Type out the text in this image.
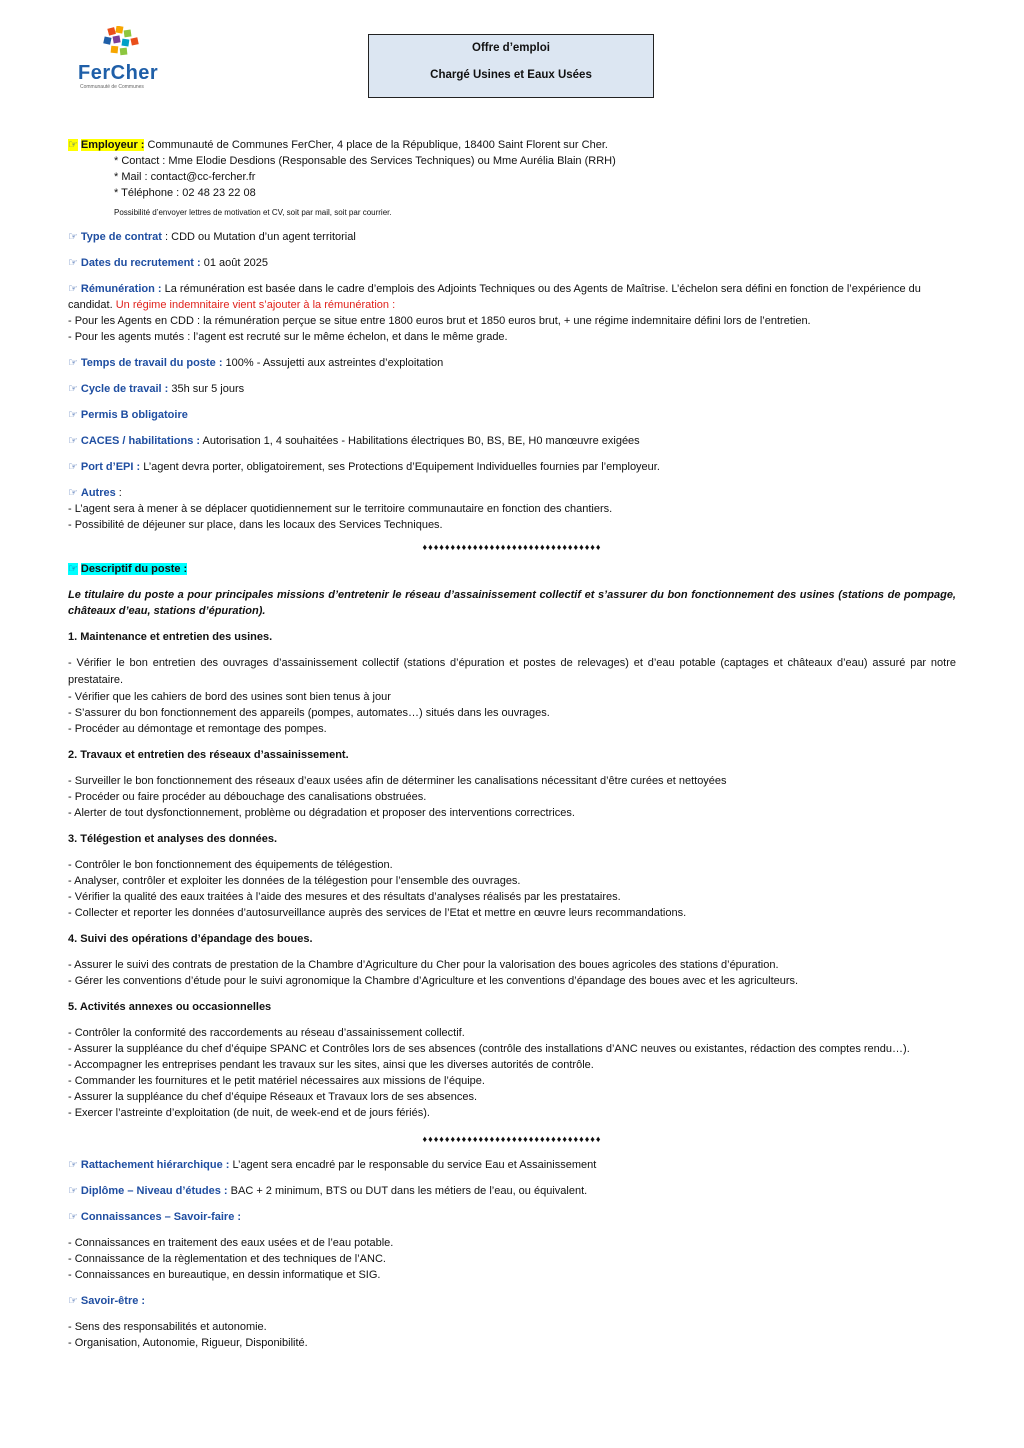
FerCher
Communauté de Communes
Offre d’emploi
Chargé Usines et Eaux Usées
☞ Employeur : Communauté de Communes FerCher, 4 place de la République, 18400 Saint Florent sur Cher.
* Contact : Mme Elodie Desdions (Responsable des Services Techniques) ou Mme Aurélia Blain (RRH)
* Mail : contact@cc-fercher.fr
* Téléphone : 02 48 23 22 08
Possibilité d’envoyer lettres de motivation et CV, soit par mail, soit par courrier.
☞ Type de contrat : CDD ou Mutation d’un agent territorial
☞ Dates du recrutement : 01 août 2025
☞ Rémunération : La rémunération est basée dans le cadre d’emplois des Adjoints Techniques ou des Agents de Maîtrise. L’échelon sera défini en fonction de l’expérience du
candidat. Un régime indemnitaire vient s’ajouter à la rémunération :
- Pour les Agents en CDD : la rémunération perçue se situe entre 1800 euros brut et 1850 euros brut, + une régime indemnitaire défini lors de l’entretien.
- Pour les agents mutés : l’agent est recruté sur le même échelon, et dans le même grade.
☞ Temps de travail du poste : 100% - Assujetti aux astreintes d’exploitation
☞ Cycle de travail : 35h sur 5 jours
☞ Permis B obligatoire
☞ CACES / habilitations : Autorisation 1, 4 souhaitées - Habilitations électriques B0, BS, BE, H0 manœuvre exigées
☞ Port d’EPI : L’agent devra porter, obligatoirement, ses Protections d’Equipement Individuelles fournies par l’employeur.
☞ Autres :
- L’agent sera à mener à se déplacer quotidiennement sur le territoire communautaire en fonction des chantiers.
- Possibilité de déjeuner sur place, dans les locaux des Services Techniques.
♦♦♦♦♦♦♦♦♦♦♦♦♦♦♦♦♦♦♦♦♦♦♦♦♦♦♦♦♦♦♦♦
☞ Descriptif du poste :
Le titulaire du poste a pour principales missions d’entretenir le réseau d’assainissement collectif et s’assurer du bon fonctionnement des usines (stations de pompage, châteaux d’eau, stations d’épuration).
1. Maintenance et entretien des usines.
- Vérifier le bon entretien des ouvrages d’assainissement collectif (stations d’épuration et postes de relevages) et d’eau potable (captages et châteaux d’eau) assuré par notre prestataire.
- Vérifier que les cahiers de bord des usines sont bien tenus à jour
- S’assurer du bon fonctionnement des appareils (pompes, automates…) situés dans les ouvrages.
- Procéder au démontage et remontage des pompes.
2. Travaux et entretien des réseaux d’assainissement.
- Surveiller le bon fonctionnement des réseaux d’eaux usées afin de déterminer les canalisations nécessitant d’être curées et nettoyées
- Procéder ou faire procéder au débouchage des canalisations obstruées.
- Alerter de tout dysfonctionnement, problème ou dégradation et proposer des interventions correctrices.
3. Télégestion et analyses des données.
- Contrôler le bon fonctionnement des équipements de télégestion.
- Analyser, contrôler et exploiter les données de la télégestion pour l’ensemble des ouvrages.
- Vérifier la qualité des eaux traitées à l’aide des mesures et des résultats d’analyses réalisés par les prestataires.
- Collecter et reporter les données d’autosurveillance auprès des services de l’Etat et mettre en œuvre leurs recommandations.
4. Suivi des opérations d’épandage des boues.
- Assurer le suivi des contrats de prestation de la Chambre d’Agriculture du Cher pour la valorisation des boues agricoles des stations d’épuration.
- Gérer les conventions d’étude pour le suivi agronomique la Chambre d’Agriculture et les conventions d’épandage des boues avec et les agriculteurs.
5. Activités annexes ou occasionnelles
- Contrôler la conformité des raccordements au réseau d’assainissement collectif.
- Assurer la suppléance du chef d’équipe SPANC et Contrôles lors de ses absences (contrôle des installations d’ANC neuves ou existantes, rédaction des comptes rendu…).
- Accompagner les entreprises pendant les travaux sur les sites, ainsi que les diverses autorités de contrôle.
- Commander les fournitures et le petit matériel nécessaires aux missions de l’équipe.
- Assurer la suppléance du chef d’équipe Réseaux et Travaux lors de ses absences.
- Exercer l’astreinte d’exploitation (de nuit, de week-end et de jours fériés).
♦♦♦♦♦♦♦♦♦♦♦♦♦♦♦♦♦♦♦♦♦♦♦♦♦♦♦♦♦♦♦♦
☞ Rattachement hiérarchique : L’agent sera encadré par le responsable du service Eau et Assainissement
☞ Diplôme – Niveau d’études : BAC + 2 minimum, BTS ou DUT dans les métiers de l’eau, ou équivalent.
☞ Connaissances – Savoir-faire :
- Connaissances en traitement des eaux usées et de l’eau potable.
- Connaissance de la règlementation et des techniques de l’ANC.
- Connaissances en bureautique, en dessin informatique et SIG.
☞ Savoir-être :
- Sens des responsabilités et autonomie.
- Organisation, Autonomie, Rigueur, Disponibilité.
